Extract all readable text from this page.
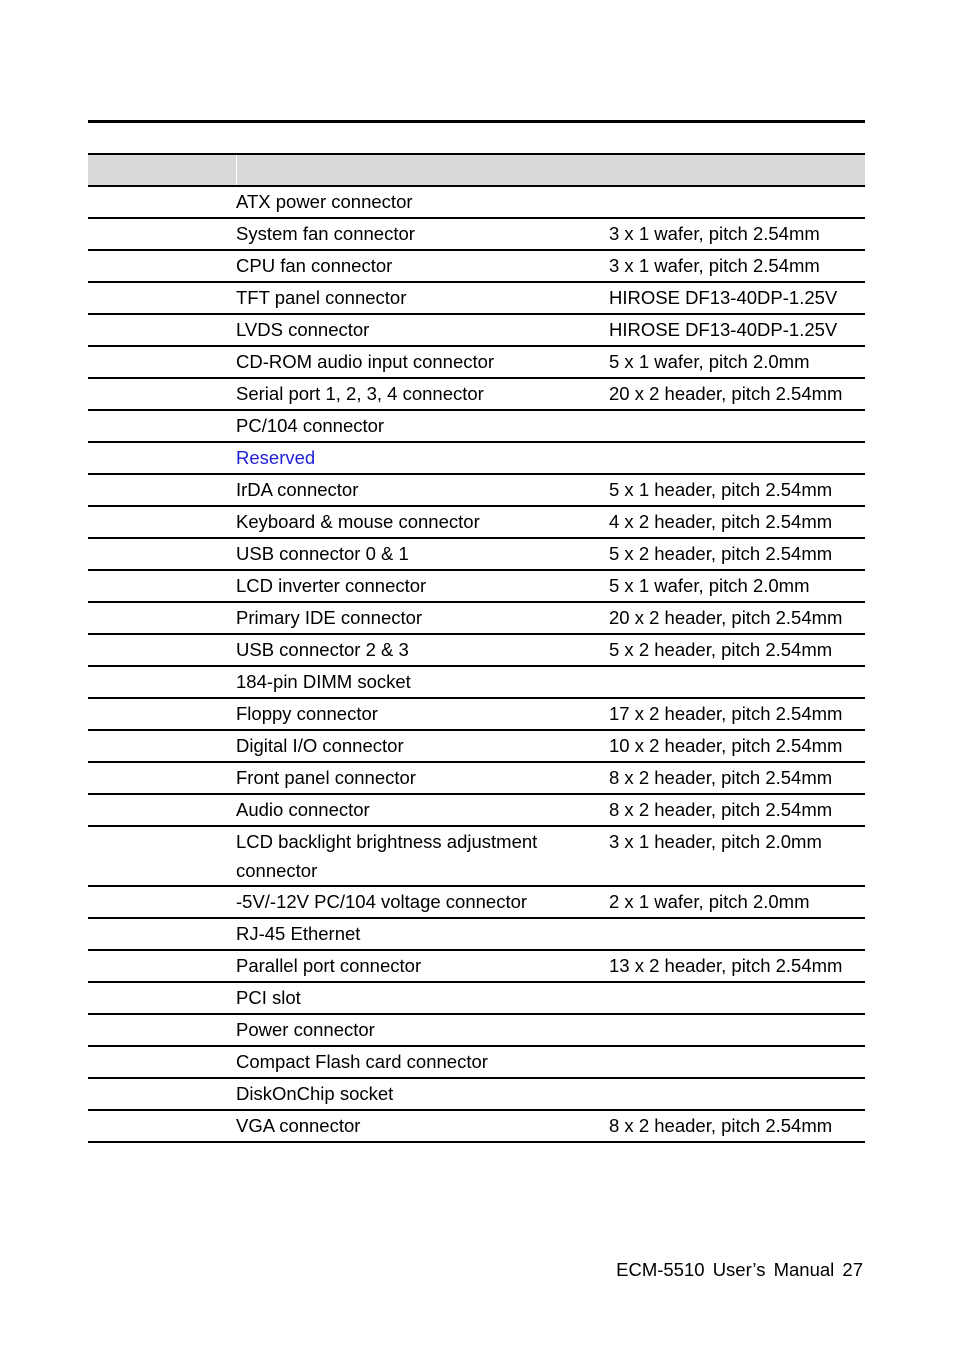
	ATX power connector	
	System fan connector	3 x 1 wafer, pitch 2.54mm
	CPU fan connector	3 x 1 wafer, pitch 2.54mm
	TFT panel connector	HIROSE DF13-40DP-1.25V
	LVDS connector	HIROSE DF13-40DP-1.25V
	CD-ROM audio input connector	5 x 1 wafer, pitch 2.0mm
	Serial port 1, 2, 3, 4 connector	20 x 2 header, pitch 2.54mm
	PC/104 connector	
	Reserved	
	IrDA connector	5 x 1 header, pitch 2.54mm
	Keyboard & mouse connector	4 x 2 header, pitch 2.54mm
	USB connector 0 & 1	5 x 2 header, pitch 2.54mm
	LCD inverter connector	5 x 1 wafer, pitch 2.0mm
	Primary IDE connector	20 x 2 header, pitch 2.54mm
	USB connector 2 & 3	5 x 2 header, pitch 2.54mm
	184-pin DIMM socket	
	Floppy connector	17 x 2 header, pitch 2.54mm
	Digital I/O connector	10 x 2 header, pitch 2.54mm
	Front panel connector	8 x 2 header, pitch 2.54mm
	Audio connector	8 x 2 header, pitch 2.54mm
	LCD backlight brightness adjustment connector	3 x 1 header, pitch 2.0mm
	-5V/-12V PC/104 voltage connector	2 x 1 wafer, pitch 2.0mm
	RJ-45 Ethernet	
	Parallel port connector	13 x 2 header, pitch 2.54mm
	PCI slot	
	Power connector	
	Compact Flash card connector	
	DiskOnChip socket	
	VGA connector	8 x 2 header, pitch 2.54mm
ECM-5510 User’s Manual 27
